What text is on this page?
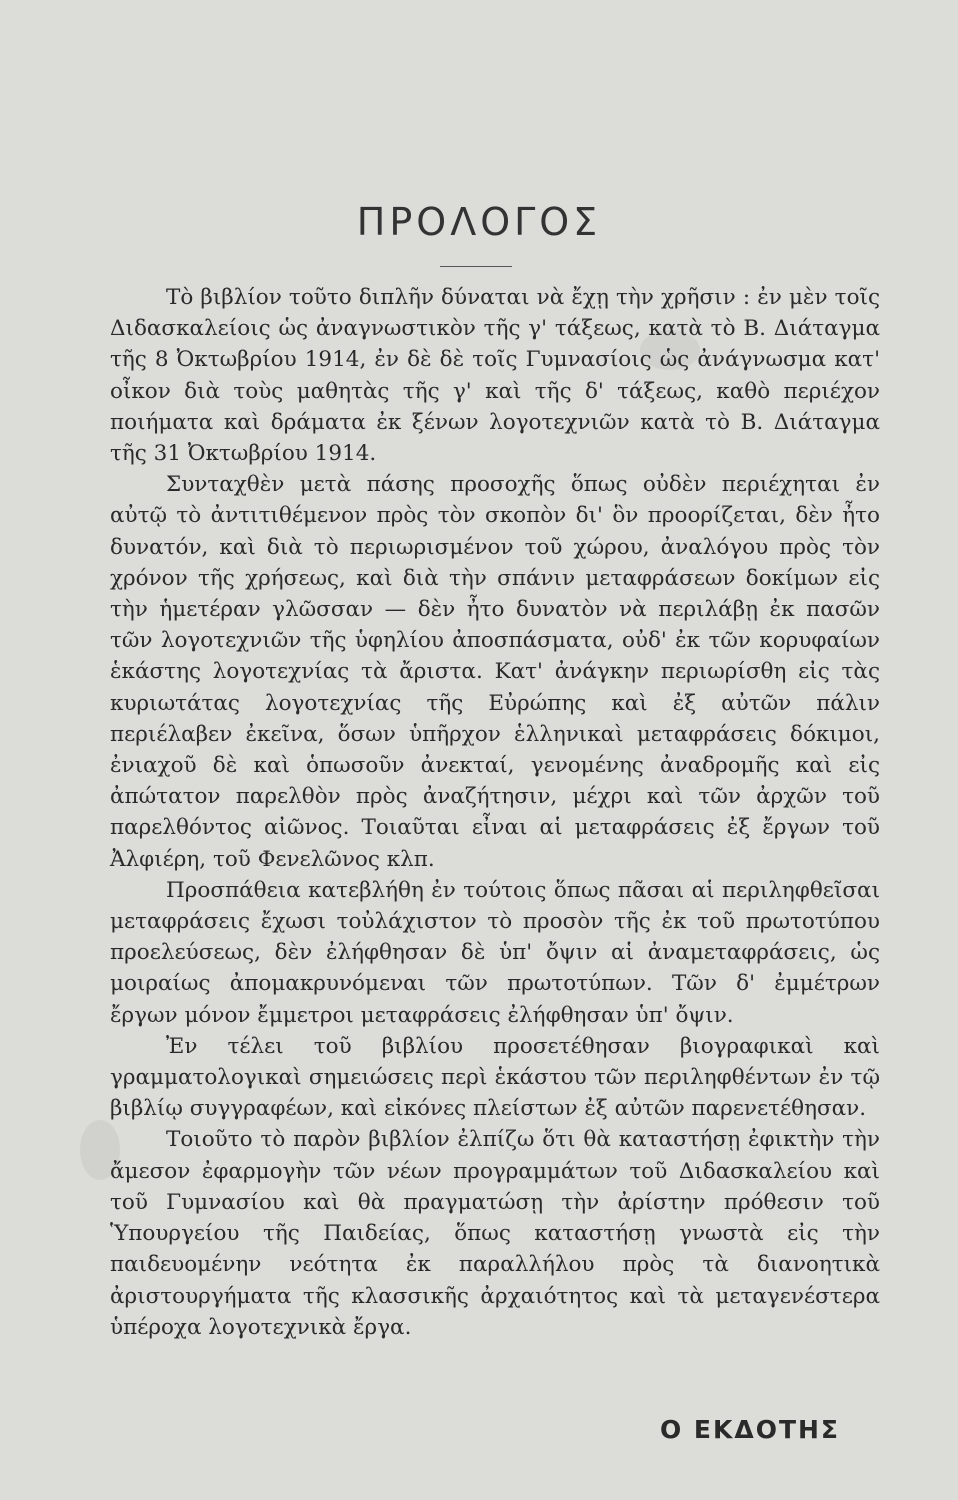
ΠΡΟΛΟΓΟΣ

Τὸ βιβλίον τοῦτο διπλῆν δύναται νὰ ἔχῃ τὴν χρῆσιν : ἐν μὲν τοῖς Διδασκαλείοις ὡς ἀναγνωστικὸν τῆς γ' τάξεως, κατὰ τὸ Β. Διάταγμα τῆς 8 Ὀκτωβρίου 1914, ἐν δὲ δὲ τοῖς Γυμνασίοις ὡς ἀνάγνωσμα κατ' οἶκον διὰ τοὺς μαθητὰς τῆς γ' καὶ τῆς δ' τάξεως, καθὸ περιέχον ποιήματα καὶ δράματα ἐκ ξένων λογοτεχνιῶν κατὰ τὸ Β. Διάταγμα τῆς 31 Ὀκτωβρίου 1914.

Συνταχθὲν μετὰ πάσης προσοχῆς ὅπως οὐδὲν περιέχηται ἐν αὐτῷ τὸ ἀντιτιθέμενον πρὸς τὸν σκοπὸν δι' ὃν προορίζεται, δὲν ἦτο δυνατόν, καὶ διὰ τὸ περιωρισμένον τοῦ χώρου, ἀναλόγου πρὸς τὸν χρόνον τῆς χρήσεως, καὶ διὰ τὴν σπάνιν μεταφράσεων δοκίμων εἰς τὴν ἡμετέραν γλῶσσαν — δὲν ἦτο δυνατὸν νὰ περιλάβῃ ἐκ πασῶν τῶν λογοτεχνιῶν τῆς ὑφηλίου ἀποσπάσματα, οὐδ' ἐκ τῶν κορυφαίων ἑκάστης λογοτεχνίας τὰ ἄριστα. Κατ' ἀνάγκην περιωρίσθη εἰς τὰς κυριωτάτας λογοτεχνίας τῆς Εὐρώπης καὶ ἐξ αὐτῶν πάλιν περιέλαβεν ἐκεῖνα, ὅσων ὑπῆρχον ἑλληνικαὶ μεταφράσεις δόκιμοι, ἐνιαχοῦ δὲ καὶ ὁπωσοῦν ἀνεκταί, γενομένης ἀναδρομῆς καὶ εἰς ἀπώτατον παρελθὸν πρὸς ἀναζήτησιν, μέχρι καὶ τῶν ἀρχῶν τοῦ παρελθόντος αἰῶνος. Τοιαῦται εἶναι αἱ μεταφράσεις ἐξ ἔργων τοῦ Ἀλφιέρη, τοῦ Φενελῶνος κλπ.

Προσπάθεια κατεβλήθη ἐν τούτοις ὅπως πᾶσαι αἱ περιληφθεῖσαι μεταφράσεις ἔχωσι τοὐλάχιστον τὸ προσὸν τῆς ἐκ τοῦ πρωτοτύπου προελεύσεως, δὲν ἐλήφθησαν δὲ ὑπ' ὄψιν αἱ ἀναμεταφράσεις, ὡς μοιραίως ἀπομακρυνόμεναι τῶν πρωτοτύπων. Τῶν δ' ἐμμέτρων ἔργων μόνον ἔμμετροι μεταφράσεις ἐλήφθησαν ὑπ' ὄψιν.

Ἐν τέλει τοῦ βιβλίου προσετέθησαν βιογραφικαὶ καὶ γραμματολογικαὶ σημειώσεις περὶ ἑκάστου τῶν περιληφθέντων ἐν τῷ βιβλίῳ συγγραφέων, καὶ εἰκόνες πλείστων ἐξ αὐτῶν παρενετέθησαν.

Τοιοῦτο τὸ παρὸν βιβλίον ἐλπίζω ὅτι θὰ καταστήσῃ ἐφικτὴν τὴν ἄμεσον ἐφαρμογὴν τῶν νέων προγραμμάτων τοῦ Διδασκαλείου καὶ τοῦ Γυμνασίου καὶ θὰ πραγματώσῃ τὴν ἀρίστην πρόθεσιν τοῦ Ὑπουργείου τῆς Παιδείας, ὅπως καταστήσῃ γνωστὰ εἰς τὴν παιδευομένην νεότητα ἐκ παραλλήλου πρὸς τὰ διανοητικὰ ἀριστουργήματα τῆς κλασσικῆς ἀρχαιότητος καὶ τὰ μεταγενέστερα ὑπέροχα λογοτεχνικὰ ἔργα.

Ο ΕΚΔΟΤΗΣ
